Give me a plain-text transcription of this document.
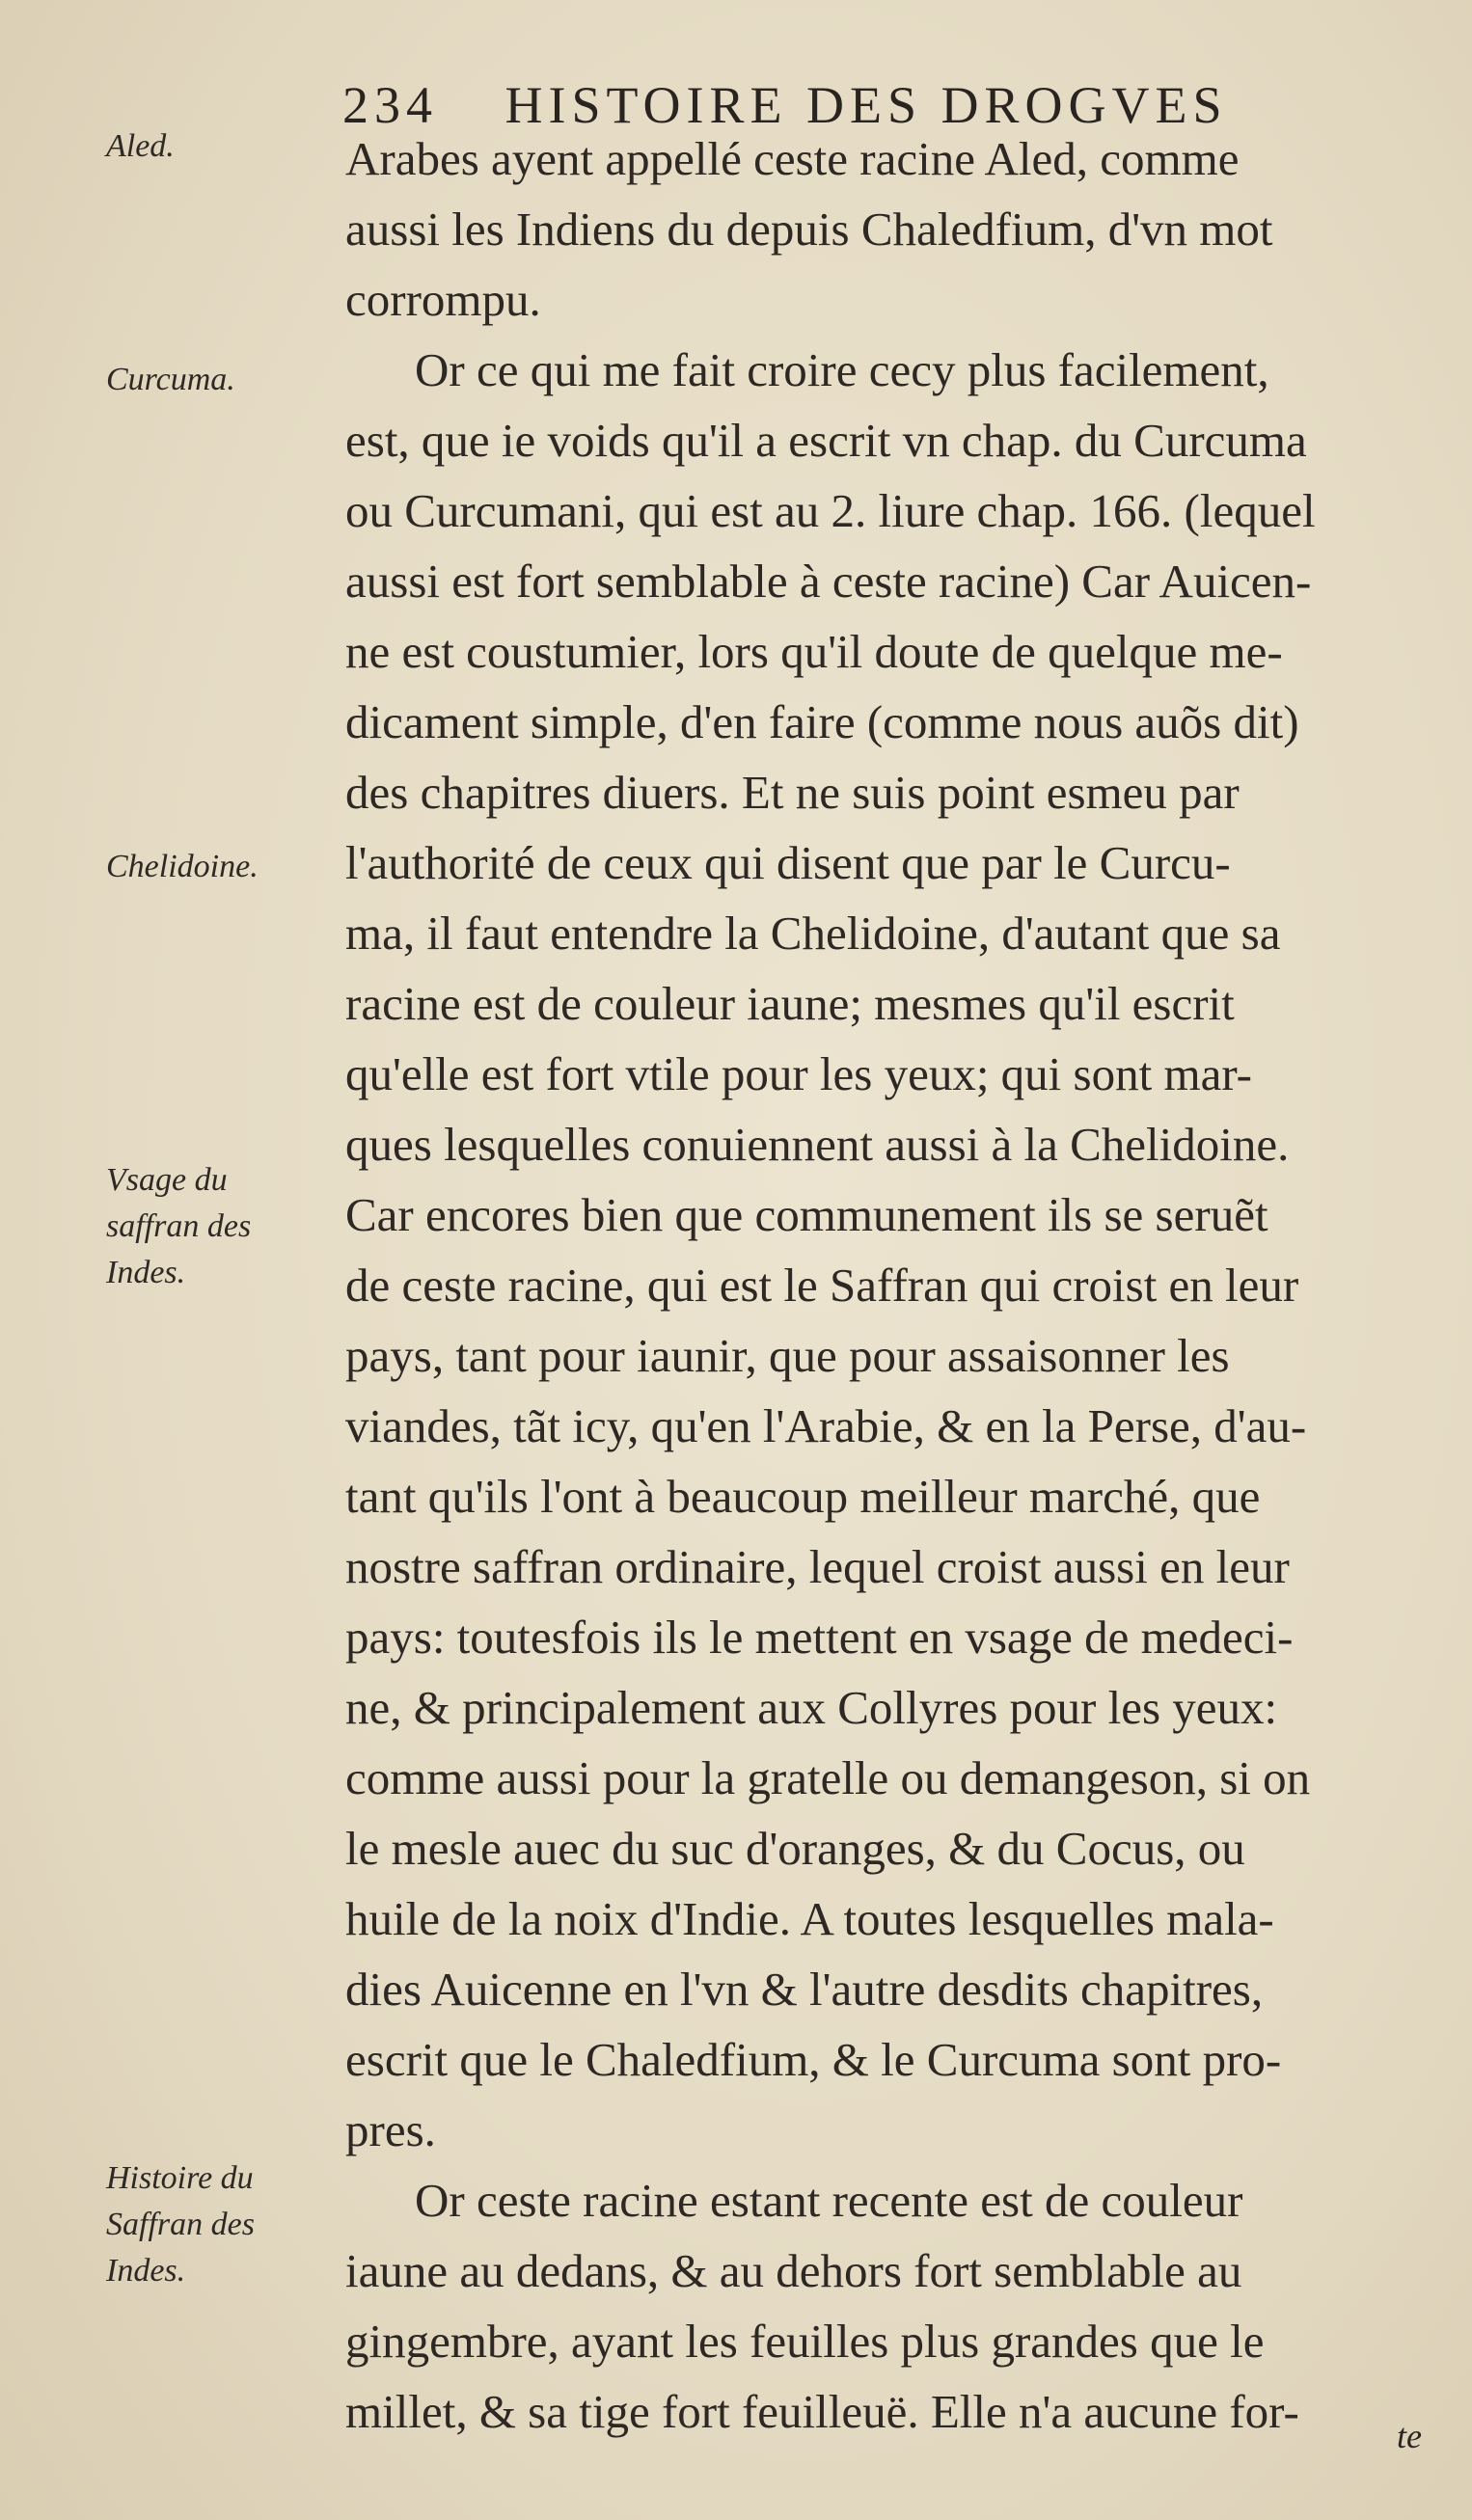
234 HISTOIRE DES DROGVES
Aled.
Curcuma.
Chelidoine.
Vsage du
saffran des
Indes.
Histoire du
Saffran des
Indes.
Arabes ayent appellé ceste racine Aled, comme
aussi les Indiens du depuis Chaledfium, d'vn mot
corrompu.
Or ce qui me fait croire cecy plus facilement,
est, que ie voids qu'il a escrit vn chap. du Curcuma
ou Curcumani, qui est au 2. liure chap. 166. (lequel
aussi est fort semblable à ceste racine) Car Auicen-
ne est coustumier, lors qu'il doute de quelque me-
dicament simple, d'en faire (comme nous auõs dit)
des chapitres diuers. Et ne suis point esmeu par
l'authorité de ceux qui disent que par le Curcu-
ma, il faut entendre la Chelidoine, d'autant que sa
racine est de couleur iaune; mesmes qu'il escrit
qu'elle est fort vtile pour les yeux; qui sont mar-
ques lesquelles conuiennent aussi à la Chelidoine.
Car encores bien que communement ils se seruẽt
de ceste racine, qui est le Saffran qui croist en leur
pays, tant pour iaunir, que pour assaisonner les
viandes, tãt icy, qu'en l'Arabie, & en la Perse, d'au-
tant qu'ils l'ont à beaucoup meilleur marché, que
nostre saffran ordinaire, lequel croist aussi en leur
pays: toutesfois ils le mettent en vsage de medeci-
ne, & principalement aux Collyres pour les yeux:
comme aussi pour la gratelle ou demangeson, si on
le mesle auec du suc d'oranges, & du Cocus, ou
huile de la noix d'Indie. A toutes lesquelles mala-
dies Auicenne en l'vn & l'autre desdits chapitres,
escrit que le Chaledfium, & le Curcuma sont pro-
pres.
Or ceste racine estant recente est de couleur
iaune au dedans, & au dehors fort semblable au
gingembre, ayant les feuilles plus grandes que le
millet, & sa tige fort feuilleuë. Elle n'a aucune for-	te
